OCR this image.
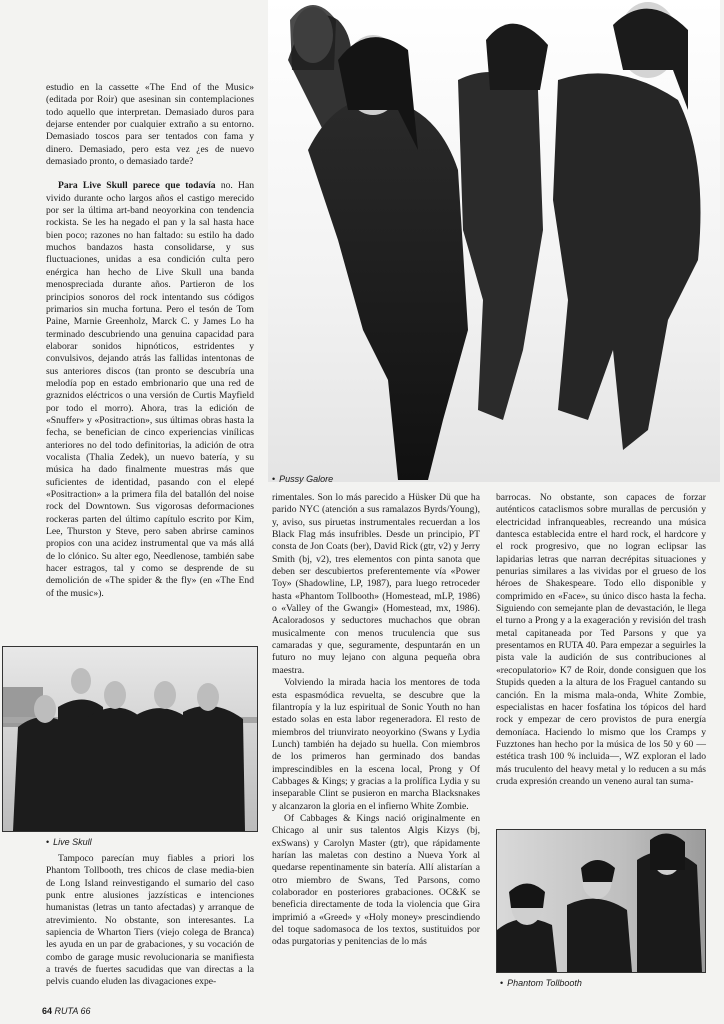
estudio en la cassette «The End of the Music» (editada por Roir) que asesinan sin contemplaciones todo aquello que interpretan. Demasiado duros para dejarse entender por cualquier extraño a su entorno. Demasiado toscos para ser tentados con fama y dinero. Demasiado, pero esta vez ¿es de nuevo demasiado pronto, o demasiado tarde?

Para Live Skull parece que todavía no. Han vivido durante ocho largos años el castigo merecido por ser la última art-band neoyorkina con tendencia rockista. Se les ha negado el pan y la sal hasta hace bien poco; razones no han faltado: su estilo ha dado muchos bandazos hasta consolidarse, y sus fluctuaciones, unidas a esa condición culta pero enérgica han hecho de Live Skull una banda menospreciada durante años. Partieron de los principios sonoros del rock intentando sus códigos primarios sin mucha fortuna. Pero el tesón de Tom Paine, Marnie Greenholz, Marck C. y James Lo ha terminado descubriendo una genuina capacidad para elaborar sonidos hipnóticos, estridentes y convulsivos, dejando atrás las fallidas intentonas de sus anteriores discos (tan pronto se descubría una melodía pop en estado embrionario que una red de graznidos eléctricos o una versión de Curtis Mayfield por todo el morro). Ahora, tras la edición de «Snuffer» y «Positraction», sus últimas obras hasta la fecha, se benefician de cinco experiencias vinílicas anteriores no del todo definitorias, la adición de otra vocalista (Thalia Zedek), un nuevo batería, y su música ha dado finalmente muestras más que suficientes de identidad, pasando con el elepé «Positraction» a la primera fila del batallón del noise rock del Downtown. Sus vigorosas deformaciones rockeras parten del último capítulo escrito por Kim, Lee, Thurston y Steve, pero saben abrirse caminos propios con una acidez instrumental que va más allá de lo clónico. Su alter ego, Needlenose, también sabe hacer estragos, tal y como se desprende de su demolición de «The spider & the fly» (en «The End of the music»).

• Pussy Galore
• Live Skull

Tampoco parecían muy fiables a priori los Phantom Tollbooth, tres chicos de clase media-bien de Long Island reinvestigando el sumario del caso punk entre alusiones jazzísticas e intenciones humanistas (letras un tanto afectadas) y arranque de atrevimiento. No obstante, son interesantes. La sapiencia de Wharton Tiers (viejo colega de Branca) les ayuda en un par de grabaciones, y su vocación de combo de garage music revolucionaria se manifiesta a través de fuertes sacudidas que van directas a la pelvis cuando eluden las divagaciones expe-

rimentales. Son lo más parecido a Hüsker Dü que ha parido NYC (atención a sus ramalazos Byrds/Young), y, aviso, sus piruetas instrumentales recuerdan a los Black Flag más insufribles. Desde un principio, PT consta de Jon Coats (ber), David Rick (gtr, v2) y Jerry Smith (bj, v2), tres elementos con pinta sanota que deben ser descubiertos preferentemente vía «Power Toy» (Shadowline, LP, 1987), para luego retroceder hasta «Phantom Tollbooth» (Homestead, mLP, 1986) o «Valley of the Gwangi» (Homestead, mx, 1986). Acaloradosos y seductores muchachos que obran musicalmente con menos truculencia que sus camaradas y que, seguramente, despuntarán en un futuro no muy lejano con alguna pequeña obra maestra.

Volviendo la mirada hacia los mentores de toda esta espasmódica revuelta, se descubre que la filantropía y la luz espiritual de Sonic Youth no han estado solas en esta labor regeneradora. El resto de miembros del triunvirato neoyorkino (Swans y Lydia Lunch) también ha dejado su huella. Con miembros de los primeros han germinado dos bandas imprescindibles en la escena local, Prong y Of Cabbages & Kings; y gracias a la prolífica Lydia y su inseparable Clint se pusieron en marcha Blacksnakes y alcanzaron la gloria en el infierno White Zombie.

Of Cabbages & Kings nació originalmente en Chicago al unir sus talentos Algis Kizys (bj, exSwans) y Carolyn Master (gtr), que rápidamente harían las maletas con destino a Nueva York al quedarse repentinamente sin batería. Allí alistarían a otro miembro de Swans, Ted Parsons, como colaborador en posteriores grabaciones. OC&K se beneficia directamente de toda la violencia que Gira imprimió a «Greed» y «Holy money» prescindiendo del toque sadomasoca de los textos, sustituidos por odas purgatorias y penitencias de lo más

barrocas. No obstante, son capaces de forzar auténticos cataclismos sobre murallas de percusión y electricidad infranqueables, recreando una música dantesca establecida entre el hard rock, el hardcore y el rock progresivo, que no logran eclipsar las lapidarias letras que narran decrépitas situaciones y penurias similares a las vividas por el grueso de los héroes de Shakespeare. Todo ello disponible y comprimido en «Face», su único disco hasta la fecha. Siguiendo con semejante plan de devastación, le llega el turno a Prong y a la exageración y revisión del trash metal capitaneada por Ted Parsons y que ya presentamos en RUTA 40. Para empezar a seguirles la pista vale la audición de sus contribuciones al «recopulatorio» K7 de Roir, donde consiguen que los Stupids queden a la altura de los Fraguel cantando su canción. En la misma mala-onda, White Zombie, especialistas en hacer fosfatina los tópicos del hard rock y empezar de cero provistos de pura energía demoníaca. Haciendo lo mismo que los Cramps y Fuzztones han hecho por la música de los 50 y 60 —estética trash 100 % incluida—, WZ exploran el lado más truculento del heavy metal y lo reducen a su más cruda expresión creando un veneno aural tan suma-

• Phantom Tollbooth
64 RUTA 66
